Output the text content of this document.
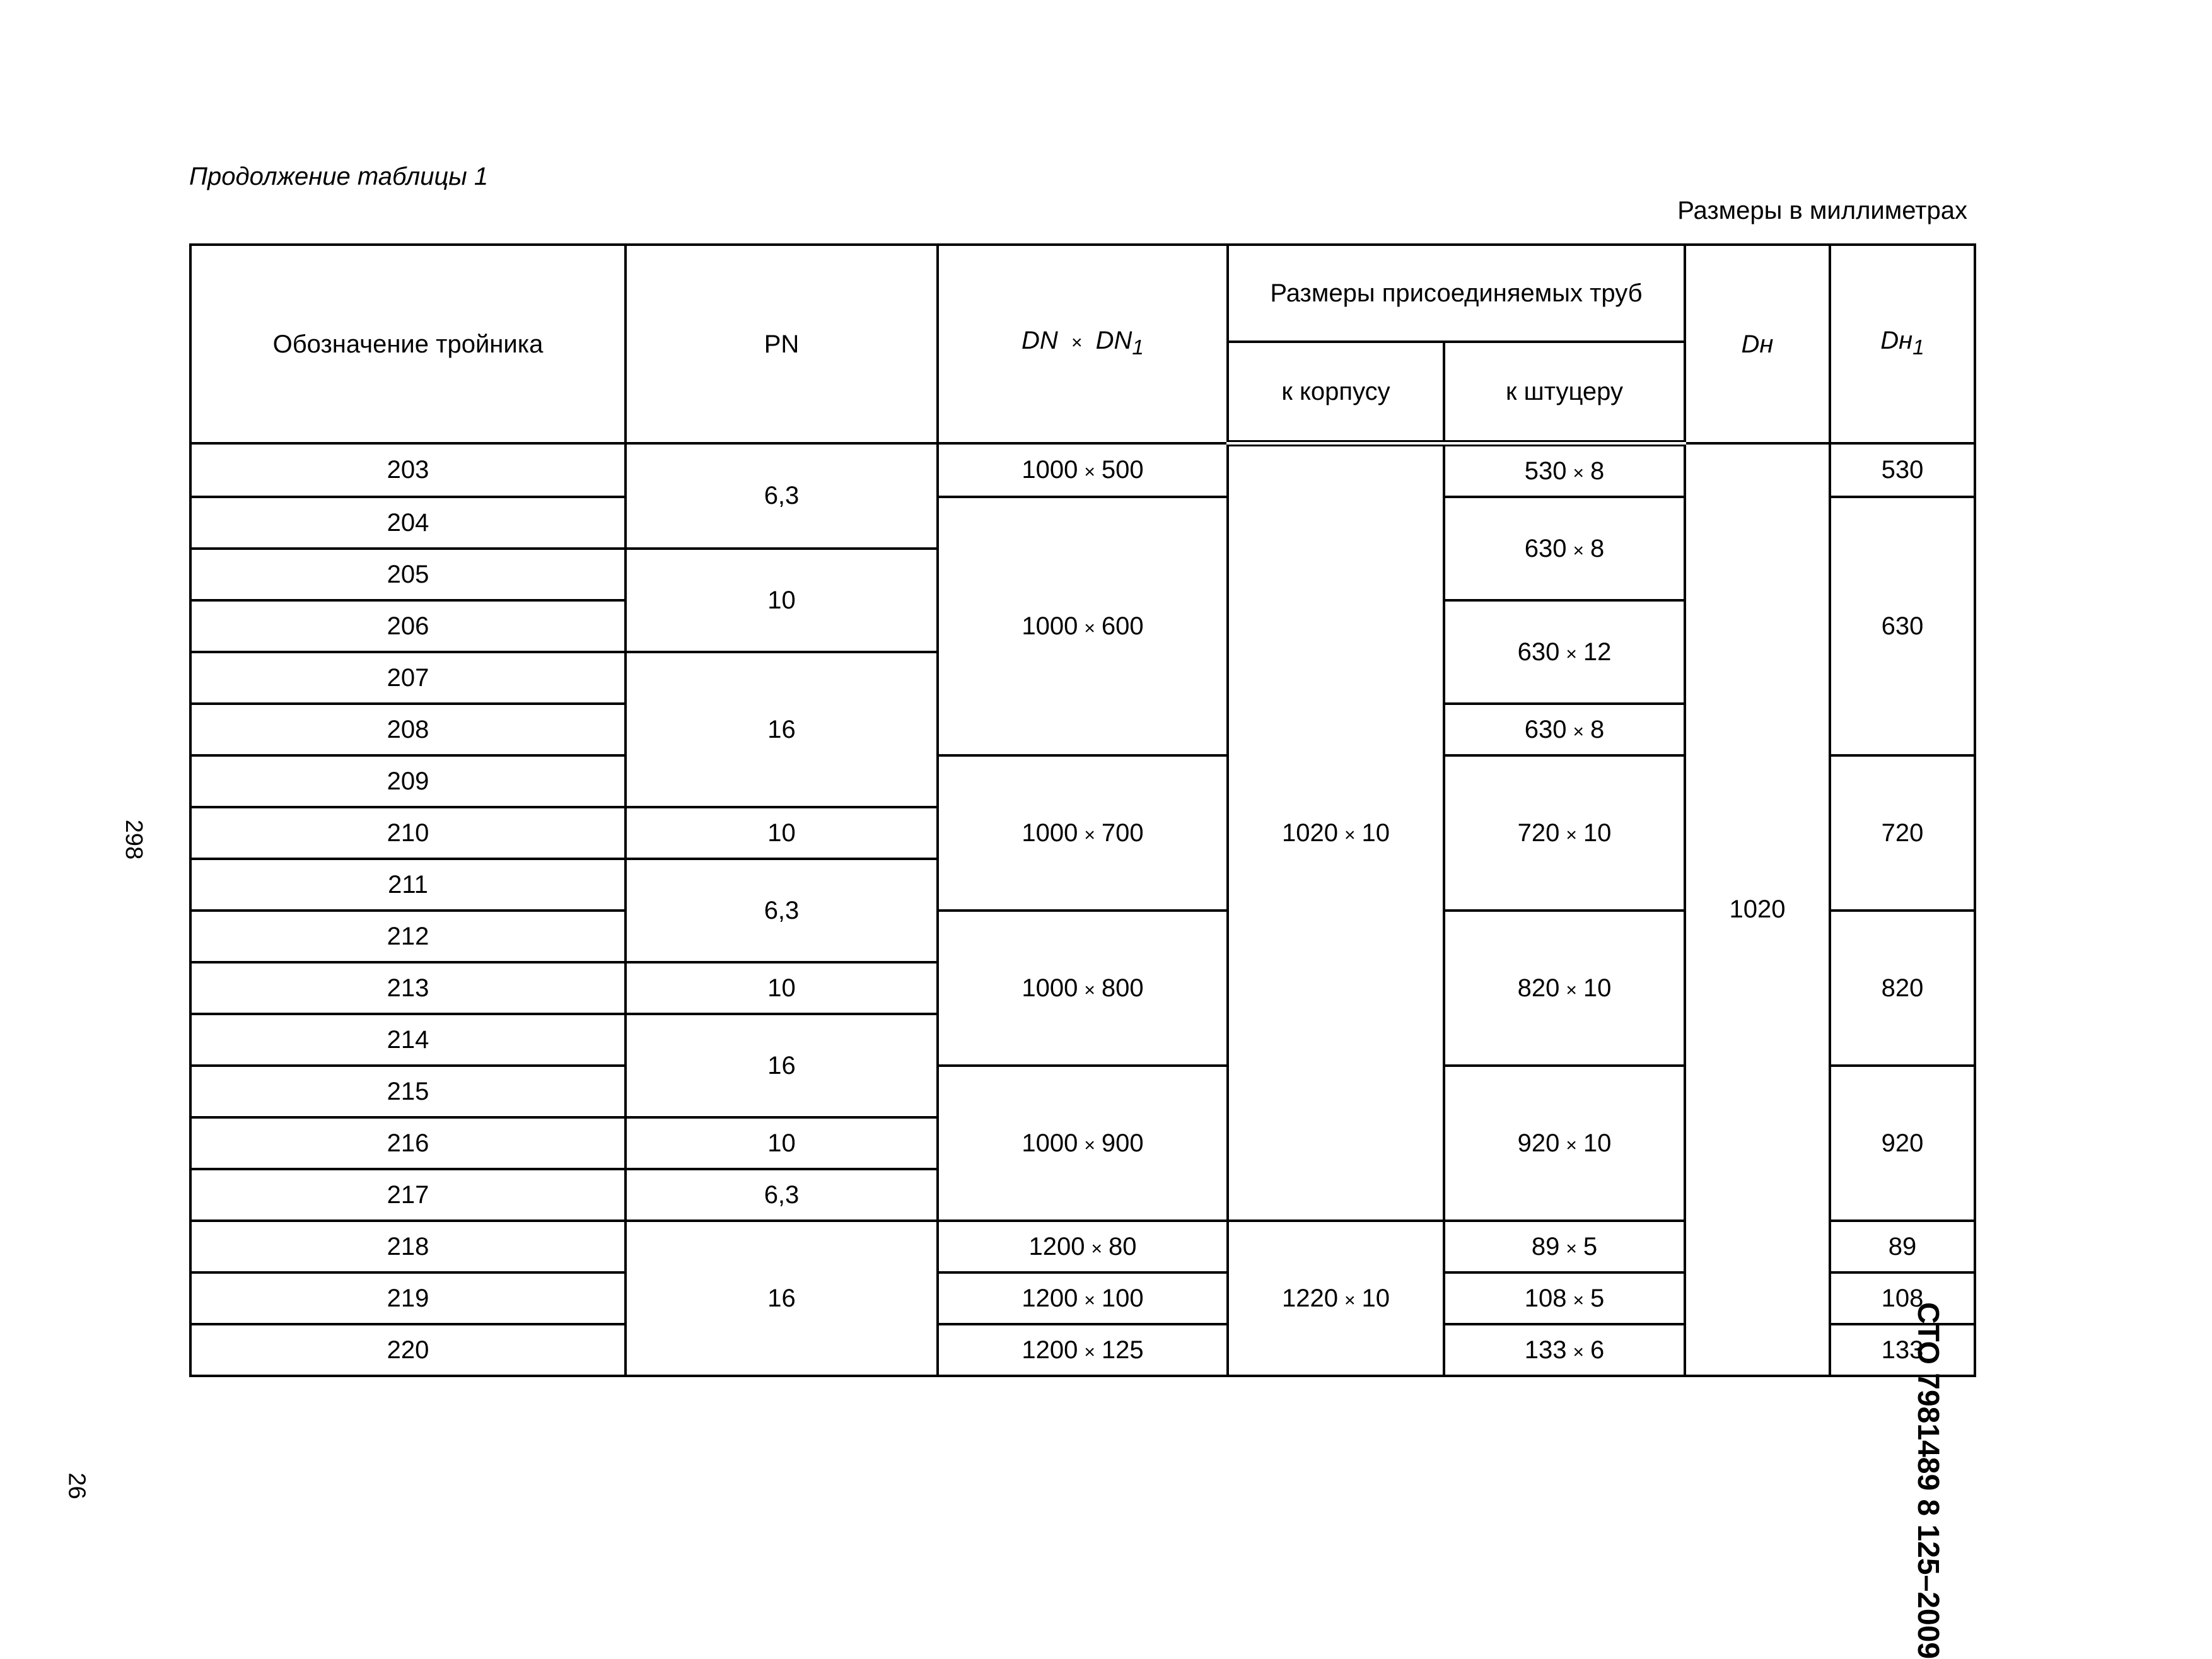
Продолжение таблицы 1
Размеры в миллиметрах
298
26	СТО 7981489 8 125–2009
Обозначение тройника	PN	DN × $DN_1$	Размеры присоединяемых труб		Dн	$Dн_1$
			к корпусу	к штуцеру		
203	6,3	1000 × 500	1020 × 10	530 × 8	1020	530
204		1000 × 600		630 × 8		630
205	10					
206				630 × 12		
207	16					
208				630 × 8		
209		1000 × 700		720 × 10		720
210	10					
211	6,3					
212		1000 × 800		820 × 10		820
213	10					
214	16					
215		1000 × 900		920 × 10		920
216	10					
217	6,3					
218	16	1200 × 80	1220 × 10	89 × 5		89
219		1200 × 100		108 × 5		108
220		1200 × 125		133 × 6		133
